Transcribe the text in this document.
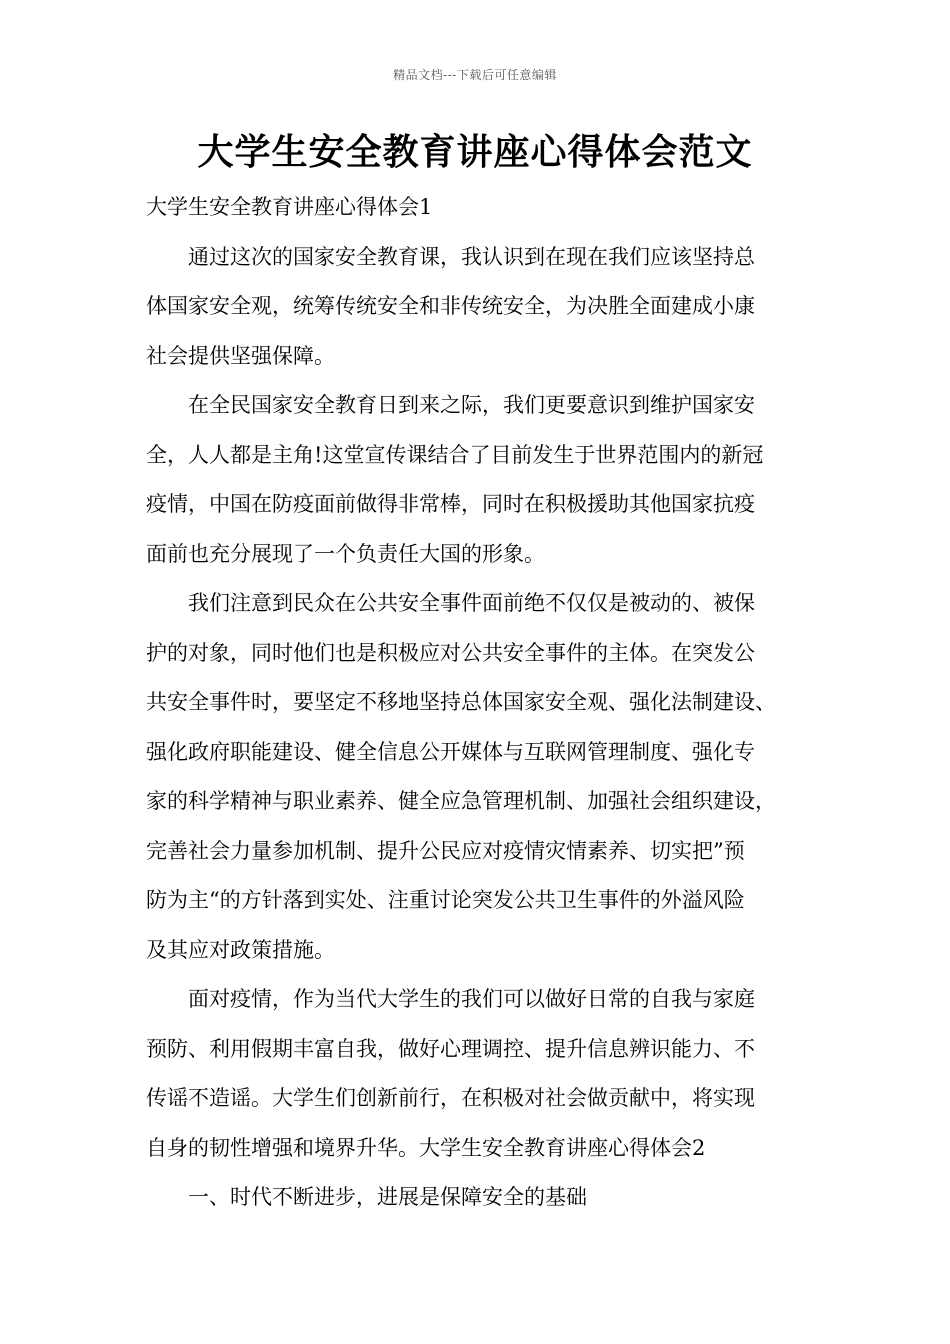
精品文档---下载后可任意编辑
大学生安全教育讲座心得体会范文

大学生安全教育讲座心得体会1

　　通过这次的国家安全教育课，我认识到在现在我们应该坚持总

体国家安全观，统筹传统安全和非传统安全，为决胜全面建成小康

社会提供坚强保障。

　　在全民国家安全教育日到来之际，我们更要意识到维护国家安

全，人人都是主角!这堂宣传课结合了目前发生于世界范围内的新冠

疫情，中国在防疫面前做得非常棒，同时在积极援助其他国家抗疫

面前也充分展现了一个负责任大国的形象。

　　我们注意到民众在公共安全事件面前绝不仅仅是被动的、被保

护的对象，同时他们也是积极应对公共安全事件的主体。在突发公

共安全事件时，要坚定不移地坚持总体国家安全观、强化法制建设、

强化政府职能建设、健全信息公开媒体与互联网管理制度、强化专

家的科学精神与职业素养、健全应急管理机制、加强社会组织建设，

完善社会力量参加机制、提升公民应对疫情灾情素养、切实把”预

防为主“的方针落到实处、注重讨论突发公共卫生事件的外溢风险

及其应对政策措施。

　　面对疫情，作为当代大学生的我们可以做好日常的自我与家庭

预防、利用假期丰富自我，做好心理调控、提升信息辨识能力、不

传谣不造谣。大学生们创新前行，在积极对社会做贡献中，将实现

自身的韧性增强和境界升华。大学生安全教育讲座心得体会2

　　一、时代不断进步，进展是保障安全的基础
